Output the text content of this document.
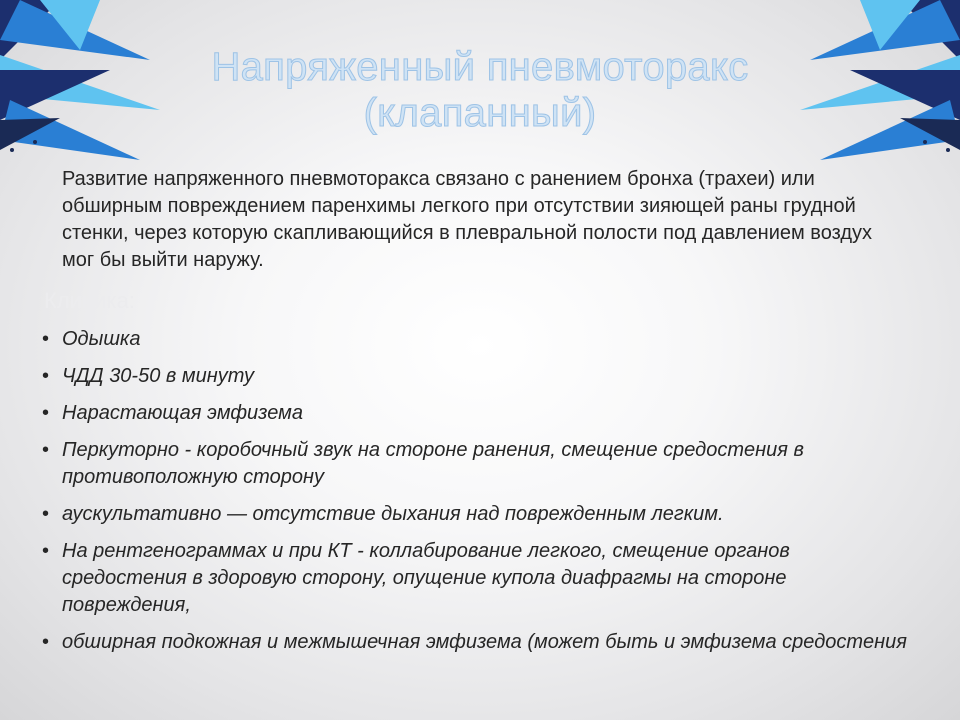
Напряженный пневмоторакс
(клапанный)

Развитие напряженного пневмоторакса связано с ранением бронха (трахеи) или обширным повреждением паренхимы легкого при отсутствии зияющей раны грудной стенки, через которую скапливающийся в плевральной полости под давлением воздух мог бы выйти наружу.

Клиника:
• Одышка
• ЧДД 30-50 в минуту
• Нарастающая эмфизема
• Перкуторно - коробочный звук на стороне ранения, смещение средостения в противоположную сторону
• аускультативно — отсутствие дыхания над поврежденным легким.
• На рентгенограммах и при КТ - коллабирование легкого, смещение органов средостения в здоровую сторону, опущение купола диафрагмы на стороне повреждения,
• обширная подкожная и межмышечная эмфизема (может быть и эмфизема средостения
